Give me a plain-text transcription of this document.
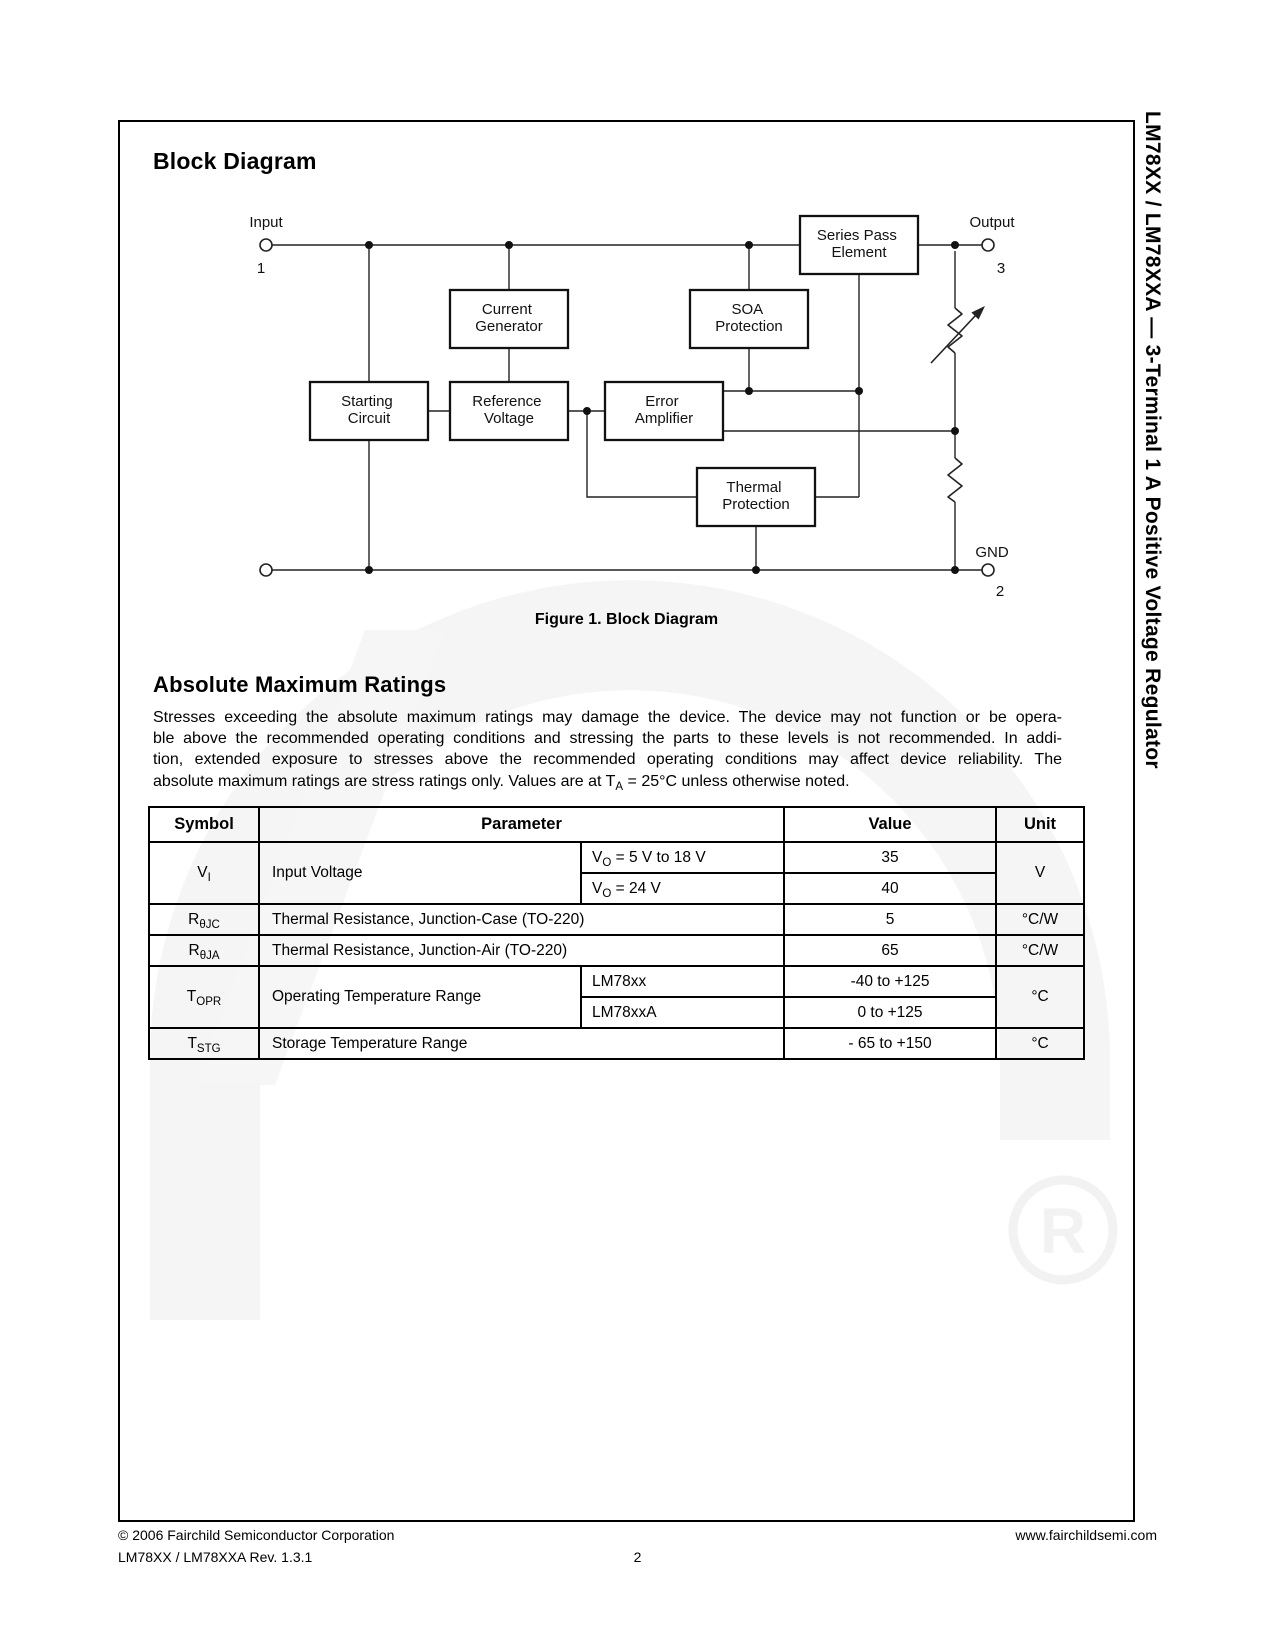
R
Block Diagram
Series Pass Element
Current Generator
SOA Protection
Starting Circuit
Reference Voltage
Error Amplifier
Thermal Protection
Input
1
Output
3
GND
2
Figure 1. Block Diagram
Absolute Maximum Ratings
Stresses exceeding the absolute maximum ratings may damage the device. The device may not function or be opera-
ble above the recommended operating conditions and stressing the parts to these levels is not recommended. In addi-
tion, extended exposure to stresses above the recommended operating conditions may affect device reliability. The
absolute maximum ratings are stress ratings only. Values are at $T_A = 25^\circ C$ unless otherwise noted.
Symbol	Parameter		Value	Unit
$V_I$	Input Voltage	$V_O = 5$ V to 18 V	35	V
		$V_O = 24$ V	40	
$R_{\theta JC}$	Thermal Resistance, Junction-Case (TO-220)		5	°C/W
$R_{\theta JA}$	Thermal Resistance, Junction-Air (TO-220)		65	°C/W
$T_{OPR}$	Operating Temperature Range	LM78xx	-40 to +125	°C
		LM78xxA	0 to +125	
$T_{STG}$	Storage Temperature Range		- 65 to +150	°C
LM78XX / LM78XXA — 3-Terminal 1 A Positive Voltage Regulator
© 2006 Fairchild Semiconductor Corporation	www.fairchildsemi.com
LM78XX / LM78XXA Rev. 1.3.1	2
